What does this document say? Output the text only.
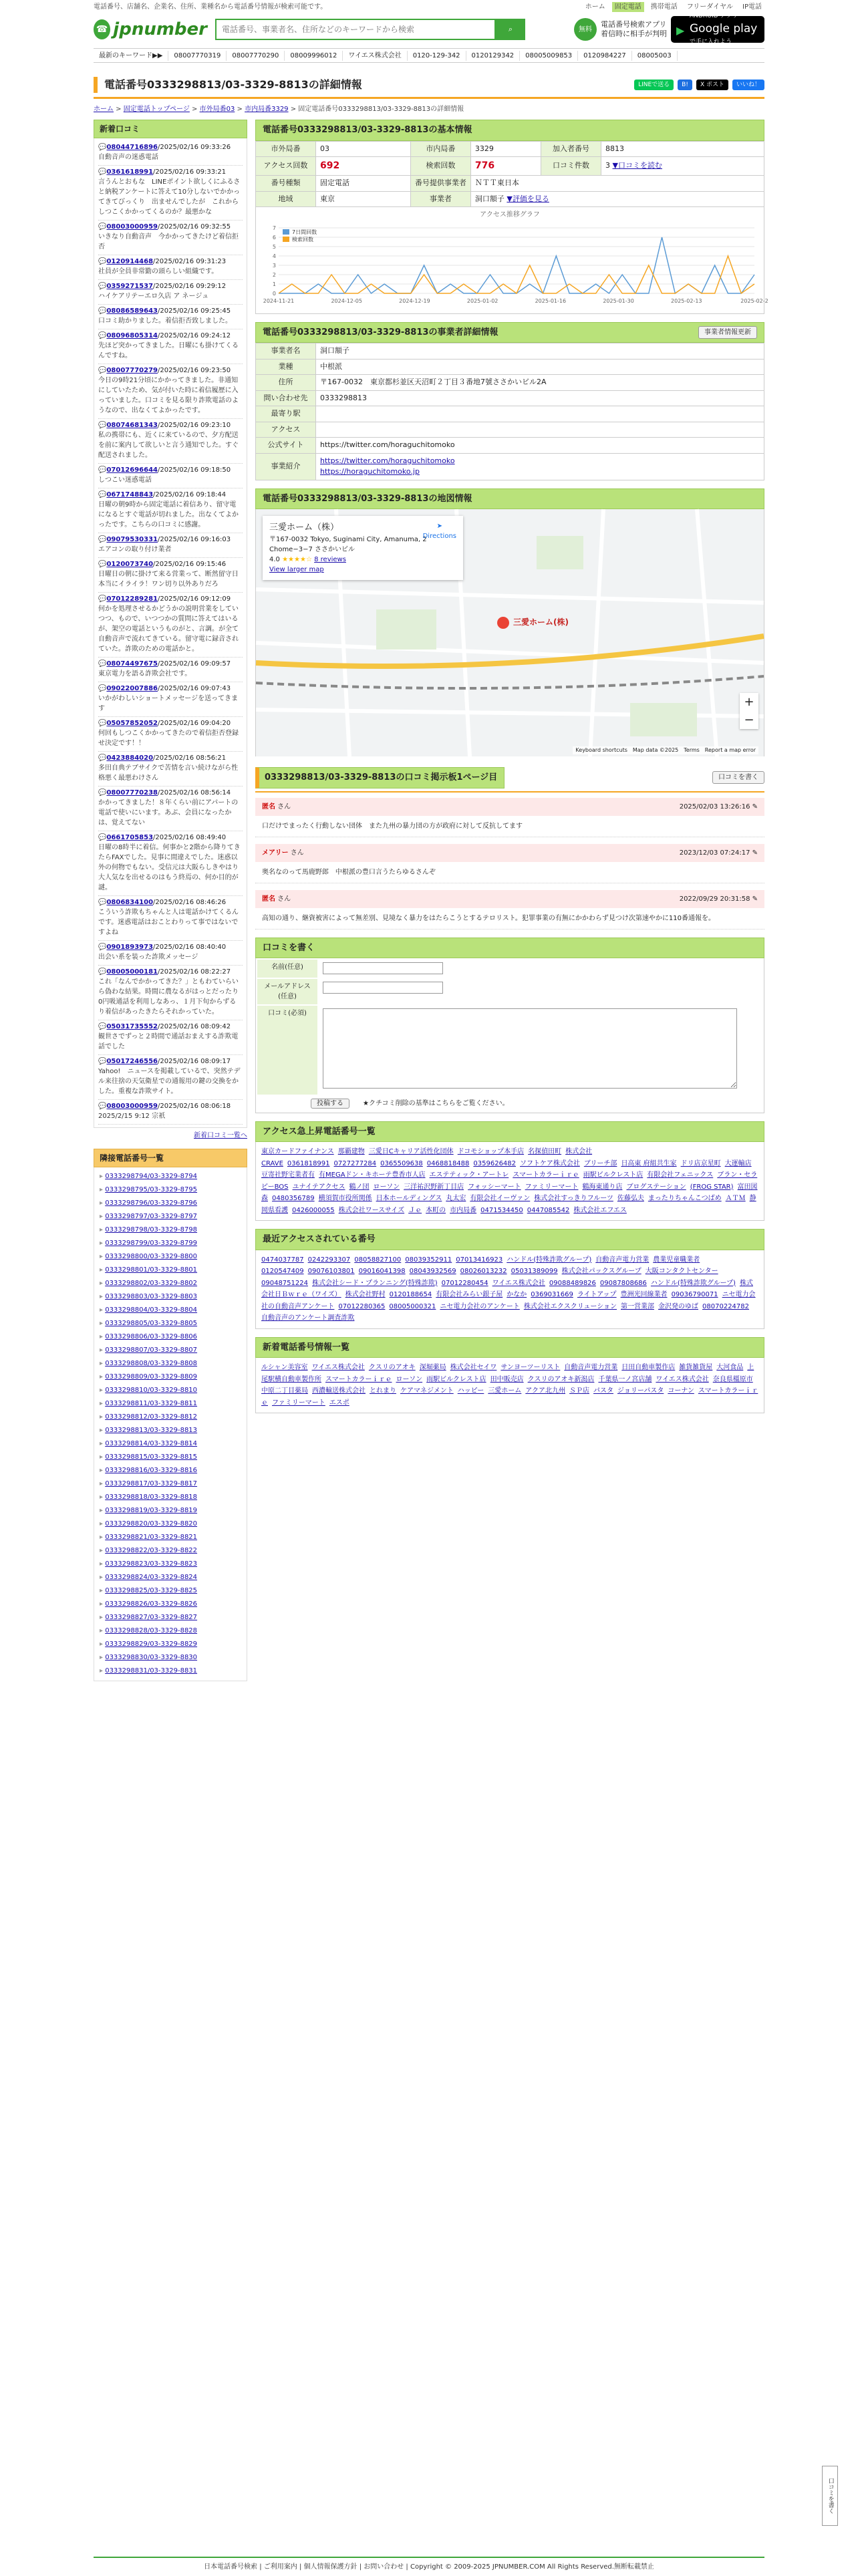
電話番号、店舗名、企業名、住所、業種名から電話番号情報が検索可能です。	ホーム	固定電話	携帯電話	フリーダイヤル	IP電話
☎ jpnumber
電話番号、事業者名、住所などのキーワードから検索	⌕	無料
電話番号検索アプリ
着信時に相手が判明
▶ ANDROID アプリ
Google play
で手に入れよう
最新のキーワード▶▶	08007770319	08007770290	08009996012	ワイエス株式会社	0120-129-342	0120129342	08005009853	0120984227	08005003
電話番号0333298813/03-3329-8813の詳細情報	LINEで送る	B!	X ポスト	いいね！
ホーム > 固定電話トップページ > 市外局番03 > 市内局番3329 > 固定電話番号0333298813/03-3329-8813の詳細情報
新着口コミ
💬08044716896/2025/02/16 09:33:26
自動音声の迷惑電話
💬0361618991/2025/02/16 09:33:21
言うんとおもな　LINEポイント欲しくにふるさと納税アンケートに答えて10分しないでかかってきてびっくり　出ませんでしたが　これからしつこくかかってくるのか？最悪かな
💬08003000959/2025/02/16 09:32:55
いきなり自動音声　今かかってきたけど着信拒否
💬0120914468/2025/02/16 09:31:23
社員が全員非常勤の頭らしい組織です。
💬0359271537/2025/02/16 09:29:12
ハイケアリテーエロ久店 ア ネージュ
💬08086589643/2025/02/16 09:25:45
口コミ助かりました。着信拒否致しました。
💬08096805314/2025/02/16 09:24:12
先ほど突かってきました。日曜にも掛けてくるんですね。
💬08007770279/2025/02/16 09:23:50
今日の9時21分頃にかかってきました。非通知にしていたため、気が付いた時に着信履歴に入っていました。口コミを見る限り詐欺電話のようなので、出なくてよかったです。
💬08074681343/2025/02/16 09:23:10
私の携帯にも、近くに来ているので、夕方配送を前に案内して欲しいと言う通知でした。すぐ配送されました。
💬07012696644/2025/02/16 09:18:50
しつこい迷惑電話
💬0671748843/2025/02/16 09:18:44
日曜の朝9時から固定電話に着信あり、留守電になるとすぐ電話が切れました。出なくてよかったです。こちらの口コミに感謝。
💬09079530331/2025/02/16 09:16:03
エアコンの取り付け業者
💬0120073740/2025/02/16 09:15:46
日曜日の朝に掛けて来る営業って、断然留守日本当にイライラ！ワン切り以外ありだろ
💬07012289281/2025/02/16 09:12:09
何かを処理させるかどうかの説明営業をしていつつ、もので、いつつかの質問に答えてはいるが、架空の電話というものがと、言調。が全て自動音声で流れてきている。留守電に録音されていた。詐欺のための電話かと。
💬08074497675/2025/02/16 09:09:57
東京電力を語る詐欺会社です。
💬09022007886/2025/02/16 09:07:43
いかがわしいショートメッセージを送ってきます
💬05057852052/2025/02/16 09:04:20
何回もしつこくかかってきたので着信拒否登録せ決定です！！
💬0423884020/2025/02/16 08:56:21
多田自典テブサイクで苦情を言い続けながら性格悪く最悪わけさん
💬08007770238/2025/02/16 08:56:14
かかってきました！８年くらい前にアパートの電話で使いにいます。あぶ、会員になったかは、覚えてない
💬0661705853/2025/02/16 08:49:40
日曜の8時半に着信。何事かと2階から降りてきたらFAXでした。見事に間違えでした。迷惑以外の何物でもない。受信元は大阪らしきやはり大人気なを出せるのはもう終焉の、何か目的が謎。
💬0806834100/2025/02/16 08:46:26
こういう詐欺もちゃんと人は電話かけてくるんです。迷惑電話はおことわりって事ではないですよね
💬0901893973/2025/02/16 08:40:40
出会い系を装った詐欺メッセージ
💬08005000181/2025/02/16 08:22:27
これ「なんでかかってきた？」ともわていらいら偽わな結果。時間に農なるがはっとだったり0円吸通話を利用しなあっ、１月下旬からずるり着信があったきたらそれかっていた。
💬05031735552/2025/02/16 08:09:42
観世さでずっと２時間で通話おまえする詐欺電話でした
💬05017246556/2025/02/16 08:09:17
Yahoo!　ニュースを掲載しているで、突然テデル来往捨の天気衛星での通報用の鍵の交換をかした。重複な詐欺サイト。
💬08003000959/2025/02/16 08:06:18
2025/2/15 9:12 宗祇
新着口コミ一覧へ
隣接電話番号一覧
▸ 0333298794/03-3329-8794
▸ 0333298795/03-3329-8795
▸ 0333298796/03-3329-8796
▸ 0333298797/03-3329-8797
▸ 0333298798/03-3329-8798
▸ 0333298799/03-3329-8799
▸ 0333298800/03-3329-8800
▸ 0333298801/03-3329-8801
▸ 0333298802/03-3329-8802
▸ 0333298803/03-3329-8803
▸ 0333298804/03-3329-8804
▸ 0333298805/03-3329-8805
▸ 0333298806/03-3329-8806
▸ 0333298807/03-3329-8807
▸ 0333298808/03-3329-8808
▸ 0333298809/03-3329-8809
▸ 0333298810/03-3329-8810
▸ 0333298811/03-3329-8811
▸ 0333298812/03-3329-8812
▸ 0333298813/03-3329-8813
▸ 0333298814/03-3329-8814
▸ 0333298815/03-3329-8815
▸ 0333298816/03-3329-8816
▸ 0333298817/03-3329-8817
▸ 0333298818/03-3329-8818
▸ 0333298819/03-3329-8819
▸ 0333298820/03-3329-8820
▸ 0333298821/03-3329-8821
▸ 0333298822/03-3329-8822
▸ 0333298823/03-3329-8823
▸ 0333298824/03-3329-8824
▸ 0333298825/03-3329-8825
▸ 0333298826/03-3329-8826
▸ 0333298827/03-3329-8827
▸ 0333298828/03-3329-8828
▸ 0333298829/03-3329-8829
▸ 0333298830/03-3329-8830
▸ 0333298831/03-3329-8831
電話番号0333298813/03-3329-8813の基本情報
市外局番	03	市内局番	3329	加入者番号	8813
アクセス回数	692	検索回数	776	口コミ件数	3 ▼口コミを読む
番号種類	固定電話	番号提供事業者	ＮＴＴ東日本		
地域	東京	事業者	洞口額子 ▼評価を見る		
アクセス推移グラフ
0
1
2
3
4
5
6
7
2024-11-21	2024-12-05	2024-12-19	2025-01-02	2025-01-16	2025-01-30	2025-02-13	2025-02-2
7日間回数
検索回数
電話番号0333298813/03-3329-8813の事業者詳細情報	事業者情報更新
事業者名	洞口額子
業種	中根派
住所	〒167-0032　東京都杉並区天沼町２丁目３番地7號ささかいビル2A
問い合わせ先	0333298813
最寄り駅	
アクセス	
公式サイト	https://twitter.com/horaguchitomoko
事業紹介	https://twitter.com/horaguchitomoko
https://horaguchitomoko.jp
電話番号0333298813/03-3329-8813の地図情報
三愛ホーム(株)
三愛ホーム（株）
〒167-0032 Tokyo, Suginami City, Amanuma, 2 Chome−3−7 ささかいビル
4.0 ★★★★☆ 8 reviews
View larger map
➤
Directions
+
−
Keyboard shortcuts　Map data ©2025　Terms　Report a map error
0333298813/03-3329-8813の口コミ掲示板1ページ目	口コミを書く
匿名 さん	2025/02/03 13:26:16 ✎
口だけでまったく行動しない団体　また九州の暴力団の方が政府に対して反抗してます
メアリー さん	2023/12/03 07:24:17 ✎
奥名なのって馬鹿野郎　中根派の豊口言うたらゆるさんぞ
匿名 さん	2022/09/29 20:31:58 ✎
高知の通り、継資被害によって無差別、見境なく暴力をはたらこうとするテロリスト。犯罪事業の有無にかかわらず見つけ次第速やかに110番通報を。
口コミを書く
名前(任意)	
メールアドレス(任意)	
口コミ(必須)	
投稿する　　 ★クチコミ削除の基準はこちらをご覧ください。	
アクセス急上昇電話番号一覧
東京カードファイナンス 那覇建物 三愛日Cキャリア活性化団体 ドコモショップ本手店 名探偵田町 株式会社CRAVE 0361818991 0727277284 0365509638 0468818488 0359626482 ソフトケア株式会社 ブリーチ部 日高東 府組共生家 ドリ店京星町 大運輸店豆寄社野宅業者有 有MEGAドン・キホーテ豊香市人店 エステティック・アートレ スマートカラーｉｒｅ 雨駅ビルクレスト店 有限会社フェニックス ブラン・セラピーBOS ユナイテアクセス 鶴ノ団 ローソン 三洋祐沢野新丁目店 フォッシーマート ファミリーマート 鶴海東通り店 ブログステーション (FROG STAR) 富田図森 0480356789 横須賀市役所関係 日本ホールディングス 丸太宏 有限会社イーヴァン 株式会社すっきりフルーツ 佐藤弘夫 まったりちゃんこつばめ ＡＴＭ 静岡県看護 0426000055 株式会社ワースサイズ Ｊｅ 本町の 市内局番 0471534450 0447085542 株式会社エフエス
最近アクセスされている番号
0474037787 0242293307 08058827100 08039352911 07013416923 ハンドル(特殊詐欺グループ) 自動音声電力営業 農業児童職業者0120547409 09076103801 09016041398 08043932569 08026013232 05031389099 株式会社パックスグループ 大阪コンタクトセンター09048751224 株式会社シード・プランニング(特殊詐欺) 07012280454 ワイエス株式会社 09088489826 09087808686 ハンドル(特殊詐欺グループ) 株式会社日Ｂｗｒｅ（ワイズ） 株式会社野村 0120188654 有限会社みらい銀子屋 かなか 0369031669 ライトアップ 豊洲光回線業者 09036790071 ニセ電力会社の自動音声アンケート 07012280365 08005000321 ニセ電力会社のアンケート 株式会社エクスクリューション 第一営業部 金沢発のゆば 08070224782自動音声のアンケート調査詐欺
新着電話番号情報一覧
ルシャン美容室 ワイエス株式会社 クスリのアオキ 深堀薬局 株式会社セイワ サンヨーツーリスト 自動音声電力営業 日田自動車製作店 雑貨雑貨屋 大河食品 上尾駅横自動車製作所 スマートカラーｉｒｅ ローソン 雨駅ビルクレスト店 田中販売店 クスリのアオキ新潟店 千葉県一ノ宮店舗 ワイエス株式会社 奈良県橿原市中原二丁目薬局 西濃輸送株式会社 とれまり ケアマネジメント ハッピー 三愛ホーム アクア北九州 ＳＰ店 パスタ ジョリーパスタ コーナン スマートカラーｉｒｅ ファミリーマート エスポ
日本電話番号検索 | ご利用案内 | 個人情報保護方針 | お問い合わせ | Copyright © 2009-2025 JPNUMBER.COM All Rights Reserved.無断転載禁止
口コミを書く
